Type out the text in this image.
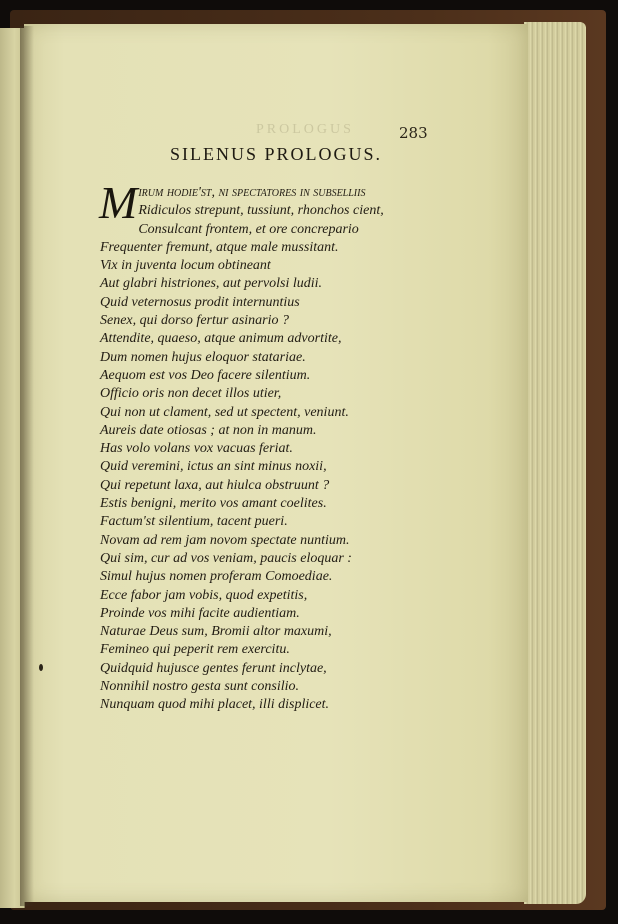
PROLOGUS	283

SILENUS PROLOGUS.
M irum hodie'st, ni spectatores in subselliis
Ridiculos strepunt, tussiunt, rhonchos cient,
Consulcant frontem, et ore concrepario
Frequenter fremunt, atque male mussitant.
Vix in juventa locum obtineant
Aut glabri histriones, aut pervolsi ludii.
Quid veternosus prodit internuntius
Senex, qui dorso fertur asinario ?
Attendite, quaeso, atque animum advortite,
Dum nomen hujus eloquor statariae.
Aequom est vos Deo facere silentium.
Officio oris non decet illos utier,
Qui non ut clament, sed ut spectent, veniunt.
Aureis date otiosas ; at non in manum.
Has volo volans vox vacuas feriat.
Quid veremini, ictus an sint minus noxii,
Qui repetunt laxa, aut hiulca obstruunt ?
Estis benigni, merito vos amant coelites.
Factum'st silentium, tacent pueri.
Novam ad rem jam novom spectate nuntium.
Qui sim, cur ad vos veniam, paucis eloquar :
Simul hujus nomen proferam Comoediae.
Ecce fabor jam vobis, quod expetitis,
Proinde vos mihi facite audientiam.
Naturae Deus sum, Bromii altor maxumi,
Femineo qui peperit rem exercitu.
Quidquid hujusce gentes ferunt inclytae,
Nonnihil nostro gesta sunt consilio.
Nunquam quod mihi placet, illi displicet.
